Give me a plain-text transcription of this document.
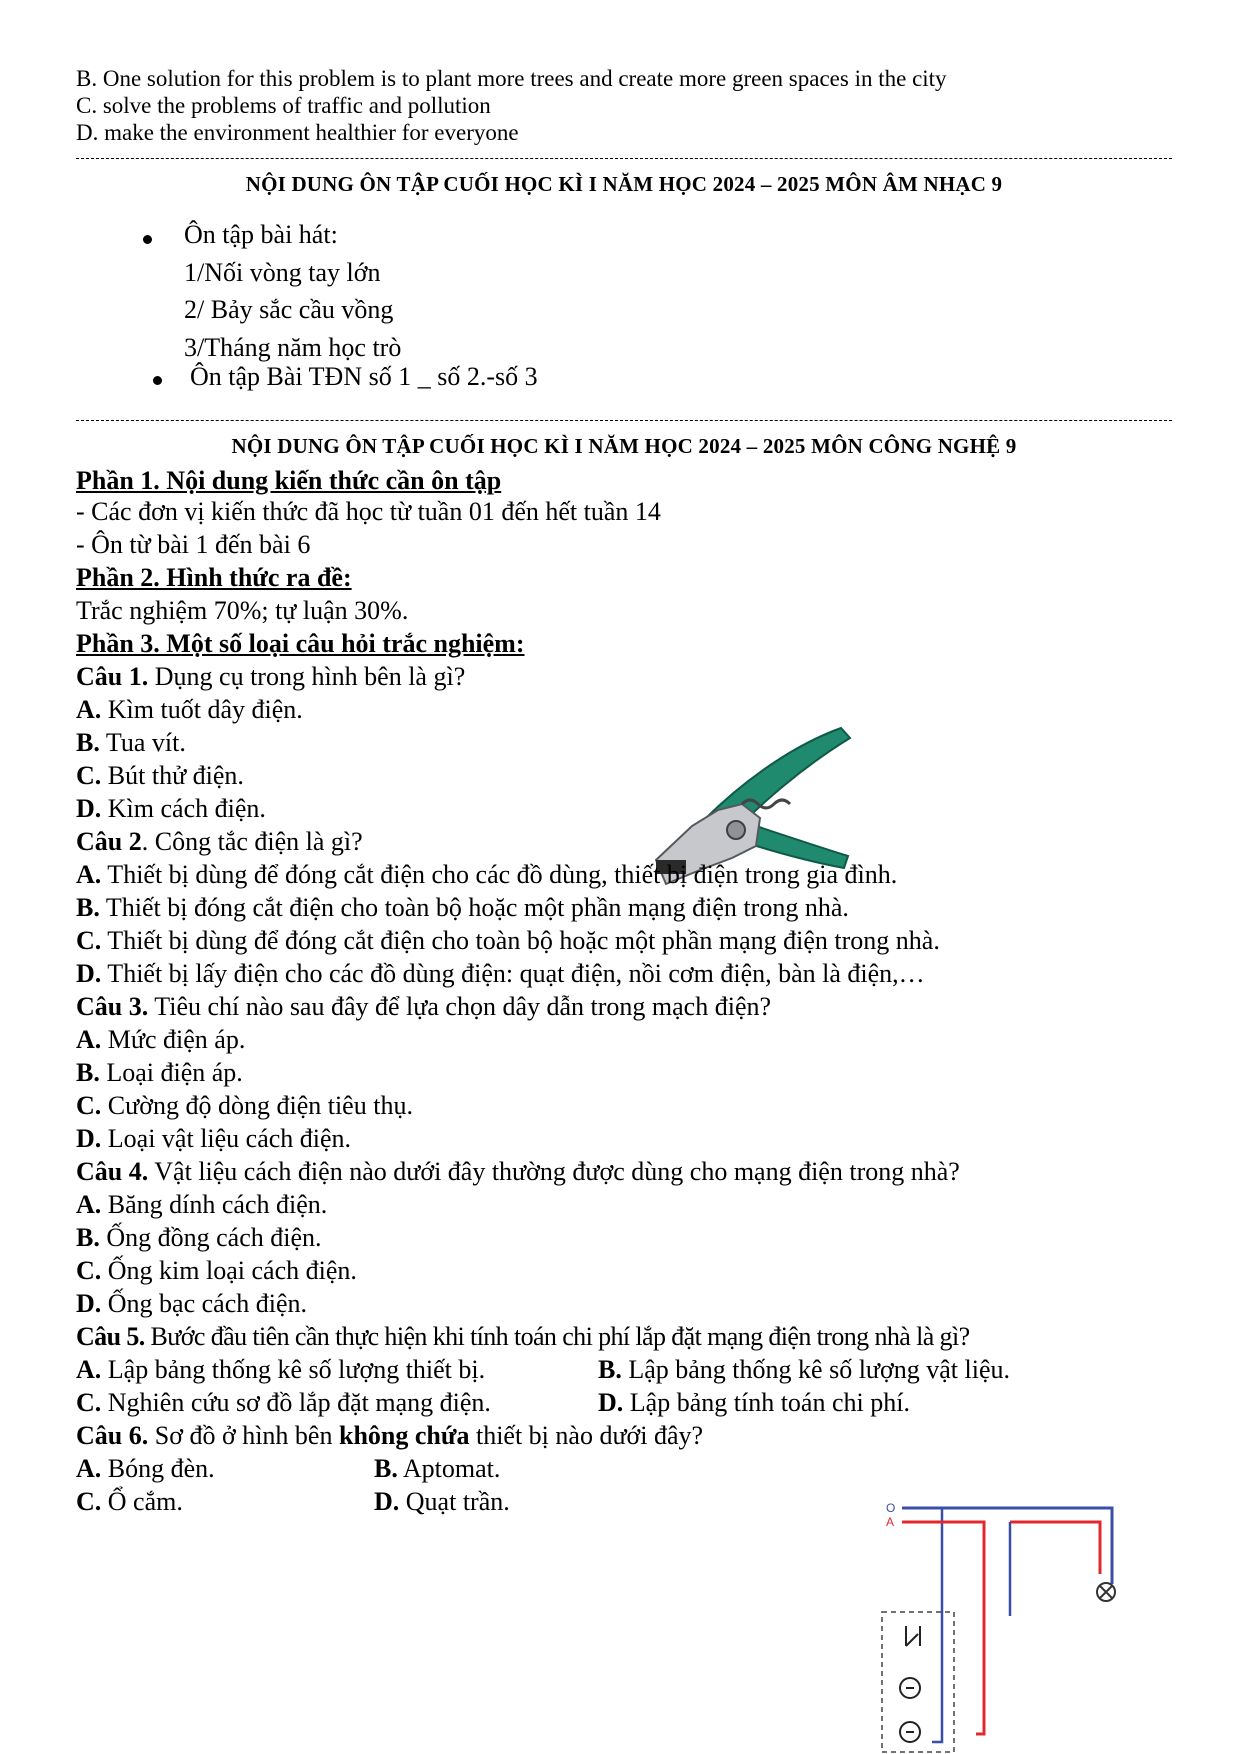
B. One solution for this problem is to plant more trees and create more green spaces in the city
C. solve the problems of traffic and pollution
D. make the environment healthier for everyone
NỘI DUNG ÔN TẬP CUỐI HỌC KÌ I NĂM HỌC 2024 – 2025 MÔN ÂM NHẠC 9
Ôn tập bài hát:
1/Nối vòng tay lớn
2/ Bảy sắc cầu vồng
3/Tháng năm học trò
Ôn tập Bài TĐN số 1 _ số 2.-số 3
NỘI DUNG ÔN TẬP CUỐI HỌC KÌ I NĂM HỌC 2024 – 2025 MÔN CÔNG NGHỆ 9
Phần 1. Nội dung kiến thức cần ôn tập
- Các đơn vị kiến thức đã học từ tuần 01 đến hết tuần 14
- Ôn từ bài 1 đến bài 6
Phần 2. Hình thức ra đề:
Trắc nghiệm 70%; tự luận 30%.
Phần 3. Một số loại câu hỏi trắc nghiệm:
Câu 1. Dụng cụ trong hình bên là gì?
A. Kìm tuốt dây điện.
B. Tua vít.
C. Bút thử điện.
D. Kìm cách điện.
Câu 2. Công tắc điện là gì?
A. Thiết bị dùng để đóng cắt điện cho các đồ dùng, thiết bị điện trong gia đình.
B. Thiết bị đóng cắt điện cho toàn bộ hoặc một phần mạng điện trong nhà.
C. Thiết bị dùng để đóng cắt điện cho toàn bộ hoặc một phần mạng điện trong nhà.
D. Thiết bị lấy điện cho các đồ dùng điện: quạt điện, nồi cơm điện, bàn là điện,…
Câu 3. Tiêu chí nào sau đây để lựa chọn dây dẫn trong mạch điện?
A. Mức điện áp.
B. Loại điện áp.
C. Cường độ dòng điện tiêu thụ.
D. Loại vật liệu cách điện.
Câu 4. Vật liệu cách điện nào dưới đây thường được dùng cho mạng điện trong nhà?
A. Băng dính cách điện.
B. Ống đồng cách điện.
C. Ống kim loại cách điện.
D. Ống bạc cách điện.
Câu 5. Bước đầu tiên cần thực hiện khi tính toán chi phí lắp đặt mạng điện trong nhà là gì?
A. Lập bảng thống kê số lượng thiết bị.	B. Lập bảng thống kê số lượng vật liệu.
C. Nghiên cứu sơ đồ lắp đặt mạng điện.	D. Lập bảng tính toán chi phí.
Câu 6. Sơ đồ ở hình bên không chứa thiết bị nào dưới đây?
A. Bóng đèn.	B. Aptomat.
C. Ổ cắm.	D. Quạt trần.	O
A
